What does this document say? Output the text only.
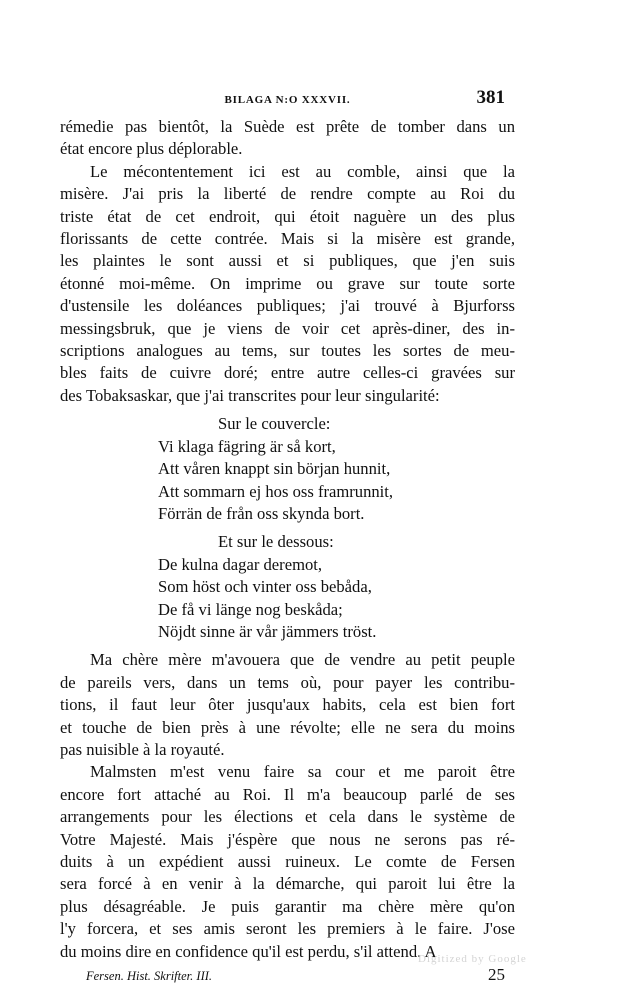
BILAGA N:O XXXVII.	381
rémedie pas bientôt, la Suède est prête de tomber dans un
état encore plus déplorable.
Le mécontentement ici est au comble, ainsi que la
misère. J'ai pris la liberté de rendre compte au Roi du
triste état de cet endroit, qui étoit naguère un des plus
florissants de cette contrée. Mais si la misère est grande,
les plaintes le sont aussi et si publiques, que j'en suis
étonné moi-même. On imprime ou grave sur toute sorte
d'ustensile les doléances publiques; j'ai trouvé à Bjurforss
messingsbruk, que je viens de voir cet après-diner, des in-
scriptions analogues au tems, sur toutes les sortes de meu-
bles faits de cuivre doré; entre autre celles-ci gravées sur
des Tobaksaskar, que j'ai transcrites pour leur singularité:
Sur le couvercle:
Vi klaga fägring är så kort,
Att våren knappt sin början hunnit,
Att sommarn ej hos oss framrunnit,
Förrän de från oss skynda bort.
Et sur le dessous:
De kulna dagar deremot,
Som höst och vinter oss bebåda,
De få vi länge nog beskåda;
Nöjdt sinne är vår jämmers tröst.
Ma chère mère m'avouera que de vendre au petit peuple
de pareils vers, dans un tems où, pour payer les contribu-
tions, il faut leur ôter jusqu'aux habits, cela est bien fort
et touche de bien près à une révolte; elle ne sera du moins
pas nuisible à la royauté.
Malmsten m'est venu faire sa cour et me paroit être
encore fort attaché au Roi. Il m'a beaucoup parlé de ses
arrangements pour les élections et cela dans le système de
Votre Majesté. Mais j'éspère que nous ne serons pas ré-
duits à un expédient aussi ruineux. Le comte de Fersen
sera forcé à en venir à la démarche, qui paroit lui être la
plus désagréable. Je puis garantir ma chère mère qu'on
l'y forcera, et ses amis seront les premiers à le faire. J'ose
du moins dire en confidence qu'il est perdu, s'il attend. A
Fersen. Hist. Skrifter. III.	25
Digitized by Google
